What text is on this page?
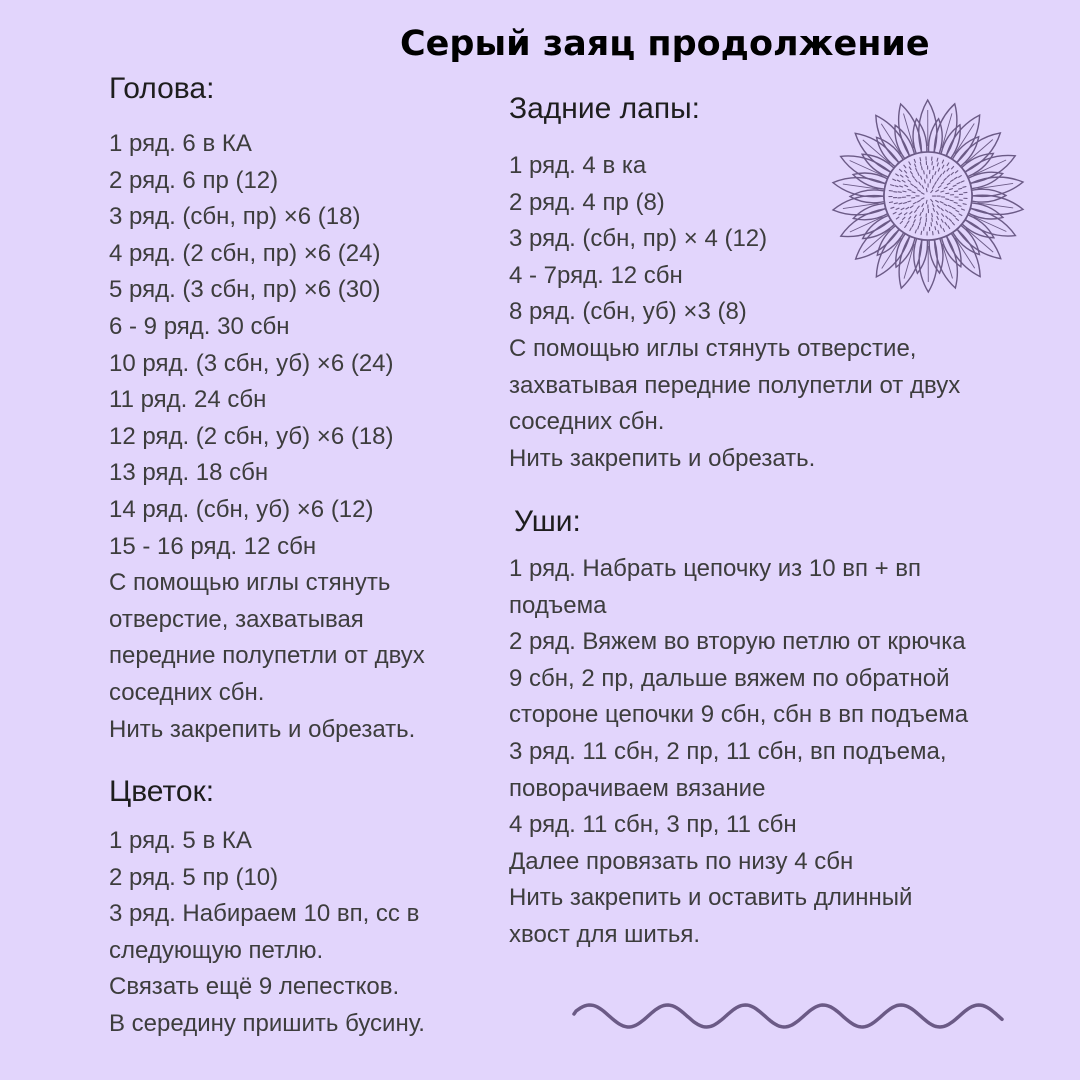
Серый заяц продолжение
Голова:
1 ряд. 6 в КА
2 ряд. 6 пр (12)
3 ряд. (сбн, пр) ×6 (18)
4 ряд. (2 сбн, пр) ×6 (24)
5 ряд. (3 сбн, пр) ×6 (30)
6 - 9 ряд. 30 сбн
10 ряд. (3 сбн, уб) ×6 (24)
11 ряд. 24 сбн
12 ряд. (2 сбн, уб) ×6 (18)
13 ряд. 18 сбн
14 ряд. (сбн, уб) ×6 (12)
15 - 16 ряд. 12 сбн
С помощью иглы стянуть
отверстие, захватывая
передние полупетли от двух
соседних сбн.
Нить закрепить и обрезать.
Цветок:
1 ряд. 5 в КА
2 ряд. 5 пр (10)
3 ряд. Набираем 10 вп, сс в
следующую петлю.
Связать ещё 9 лепестков.
В середину пришить бусину.
Задние лапы:
1 ряд. 4 в ка
2 ряд. 4 пр (8)
3 ряд. (сбн, пр) × 4 (12)
4 - 7ряд. 12 сбн
8 ряд. (сбн, уб) ×3 (8)
С помощью иглы стянуть отверстие,
захватывая передние полупетли от двух
соседних сбн.
Нить закрепить и обрезать.
Уши:
1 ряд. Набрать цепочку из 10 вп + вп
подъема
2 ряд. Вяжем во вторую петлю от крючка
9 сбн, 2 пр, дальше вяжем по обратной
стороне цепочки 9 сбн, сбн в вп подъема
3 ряд. 11 сбн, 2 пр, 11 сбн, вп подъема,
поворачиваем вязание
4 ряд. 11 сбн, 3 пр, 11 сбн
Далее провязать по низу 4 сбн
Нить закрепить и оставить длинный
хвост для шитья.
